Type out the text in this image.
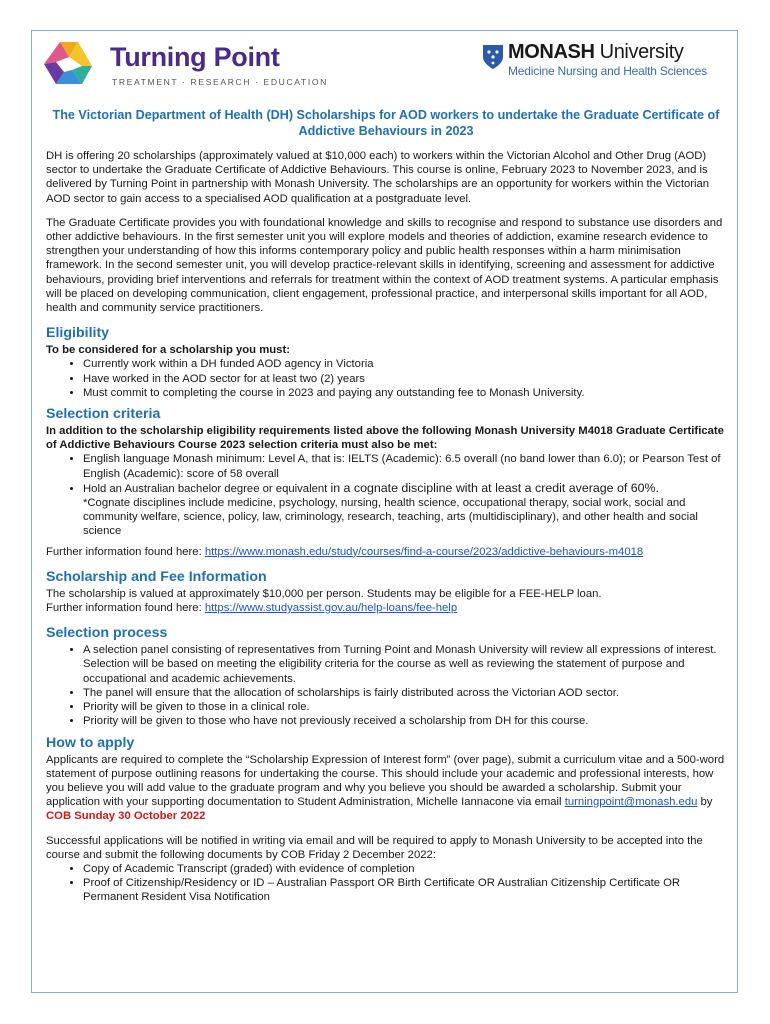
Turning Point
TREATMENT · RESEARCH · EDUCATION
MONASH University
Medicine Nursing and Health Sciences
The Victorian Department of Health (DH) Scholarships for AOD workers to undertake the Graduate Certificate of Addictive Behaviours in 2023

DH is offering 20 scholarships (approximately valued at $10,000 each) to workers within the Victorian Alcohol and Other Drug (AOD) sector to undertake the Graduate Certificate of Addictive Behaviours. This course is online, February 2023 to November 2023, and is delivered by Turning Point in partnership with Monash University. The scholarships are an opportunity for workers within the Victorian AOD sector to gain access to a specialised AOD qualification at a postgraduate level.

The Graduate Certificate provides you with foundational knowledge and skills to recognise and respond to substance use disorders and other addictive behaviours. In the first semester unit you will explore models and theories of addiction, examine research evidence to strengthen your understanding of how this informs contemporary policy and public health responses within a harm minimisation framework. In the second semester unit, you will develop practice-relevant skills in identifying, screening and assessment for addictive behaviours, providing brief interventions and referrals for treatment within the context of AOD treatment systems. A particular emphasis will be placed on developing communication, client engagement, professional practice, and interpersonal skills important for all AOD, health and community service practitioners.

Eligibility
To be considered for a scholarship you must:
• Currently work within a DH funded AOD agency in Victoria
• Have worked in the AOD sector for at least two (2) years
• Must commit to completing the course in 2023 and paying any outstanding fee to Monash University.
Selection criteria
In addition to the scholarship eligibility requirements listed above the following Monash University M4018 Graduate Certificate of Addictive Behaviours Course 2023 selection criteria must also be met:
• English language Monash minimum: Level A, that is: IELTS (Academic): 6.5 overall (no band lower than 6.0); or Pearson Test of English (Academic): score of 58 overall
• Hold an Australian bachelor degree or equivalent in a cognate discipline with at least a credit average of 60%.
*Cognate disciplines include medicine, psychology, nursing, health science, occupational therapy, social work, social and community welfare, science, policy, law, criminology, research, teaching, arts (multidisciplinary), and other health and social science

Further information found here: https://www.monash.edu/study/courses/find-a-course/2023/addictive-behaviours-m4018

Scholarship and Fee Information
The scholarship is valued at approximately $10,000 per person. Students may be eligible for a FEE-HELP loan.

Further information found here: https://www.studyassist.gov.au/help-loans/fee-help

Selection process
• A selection panel consisting of representatives from Turning Point and Monash University will review all expressions of interest. Selection will be based on meeting the eligibility criteria for the course as well as reviewing the statement of purpose and occupational and academic achievements.
• The panel will ensure that the allocation of scholarships is fairly distributed across the Victorian AOD sector.
• Priority will be given to those in a clinical role.
• Priority will be given to those who have not previously received a scholarship from DH for this course.
How to apply

Applicants are required to complete the “Scholarship Expression of Interest form” (over page), submit a curriculum vitae and a 500-word statement of purpose outlining reasons for undertaking the course. This should include your academic and professional interests, how you believe you will add value to the graduate program and why you believe you should be awarded a scholarship. Submit your application with your supporting documentation to Student Administration, Michelle Iannacone via email turningpoint@monash.edu by COB Sunday 30 October 2022

Successful applications will be notified in writing via email and will be required to apply to Monash University to be accepted into the course and submit the following documents by COB Friday 2 December 2022:
• Copy of Academic Transcript (graded) with evidence of completion
• Proof of Citizenship/Residency or ID – Australian Passport OR Birth Certificate OR Australian Citizenship Certificate OR Permanent Resident Visa Notification
